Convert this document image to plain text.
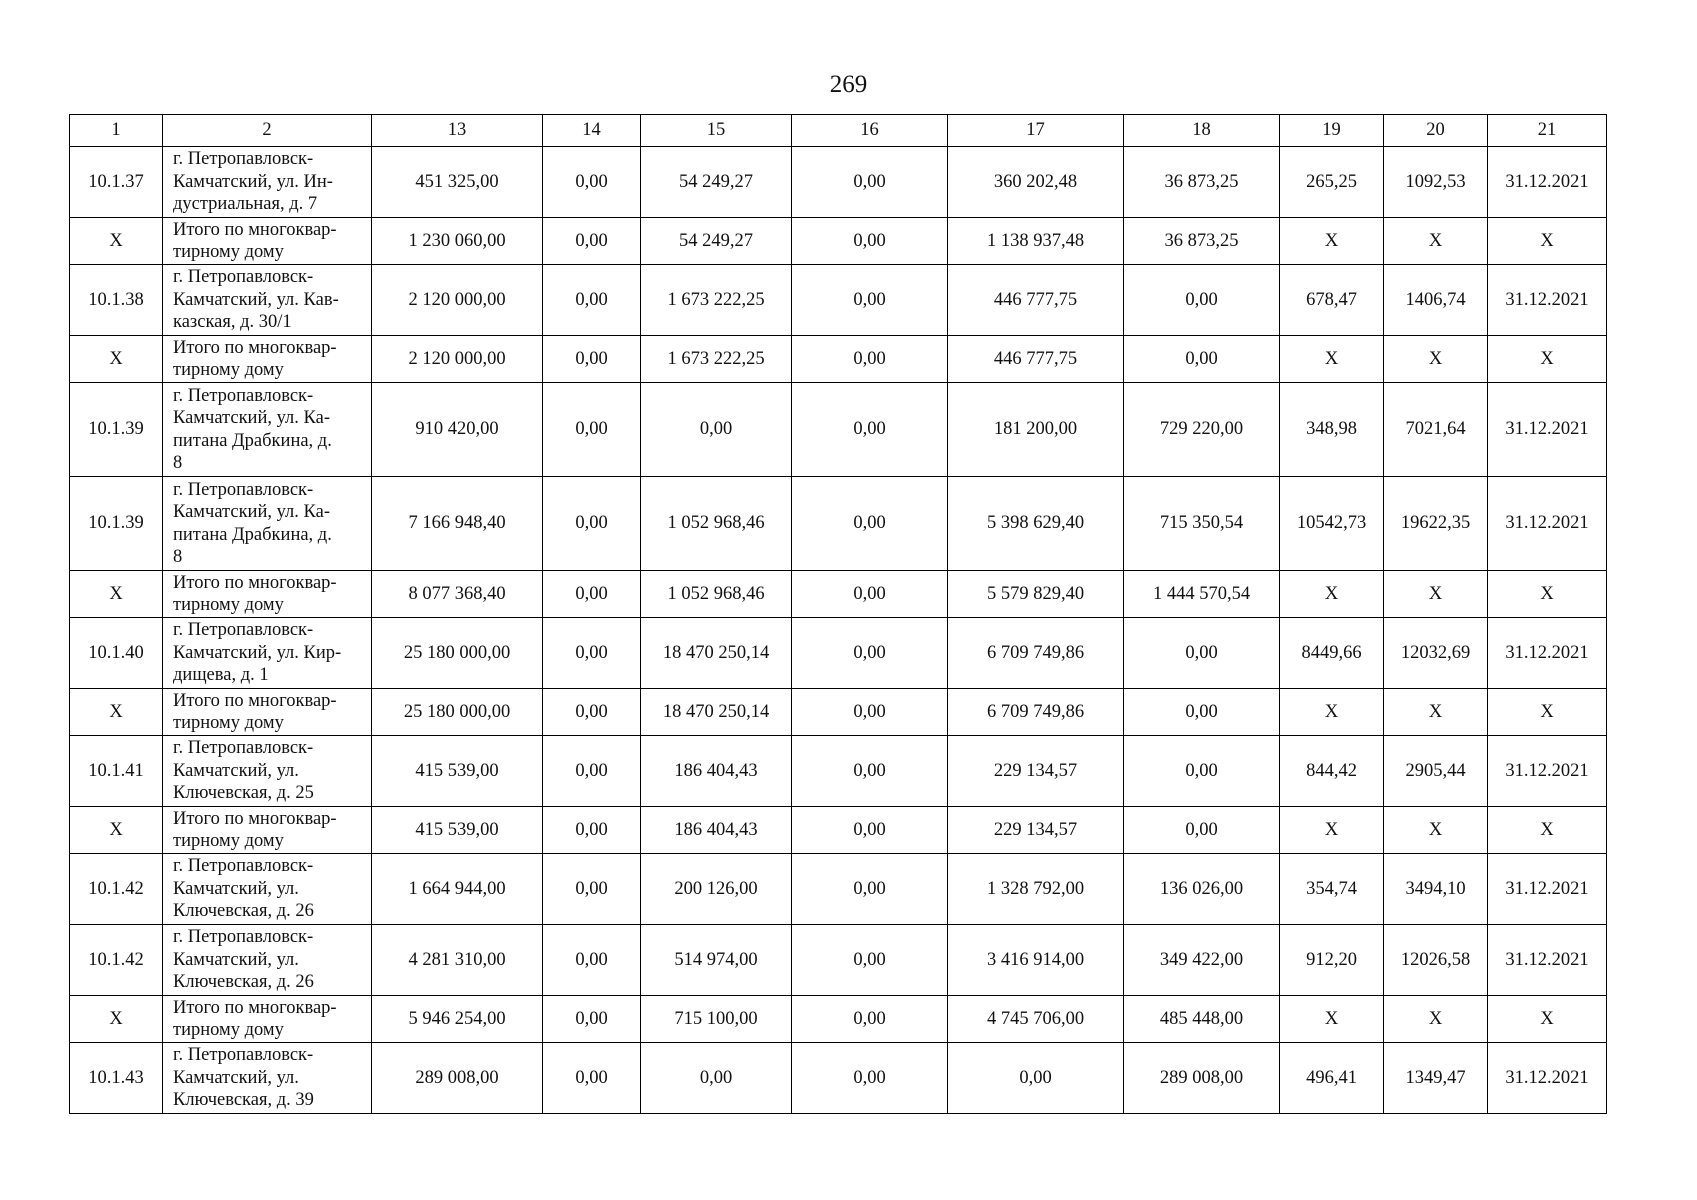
269
1	2	13	14	15	16	17	18	19	20	21
10.1.37	г. Петропавловск-
Камчатский, ул. Ин-
дустриальная, д. 7	451 325,00	0,00	54 249,27	0,00	360 202,48	36 873,25	265,25	1092,53	31.12.2021
X	Итого по многоквар-
тирному дому	1 230 060,00	0,00	54 249,27	0,00	1 138 937,48	36 873,25	X	X	X
10.1.38	г. Петропавловск-
Камчатский, ул. Кав-
казская, д. 30/1	2 120 000,00	0,00	1 673 222,25	0,00	446 777,75	0,00	678,47	1406,74	31.12.2021
X	Итого по многоквар-
тирному дому	2 120 000,00	0,00	1 673 222,25	0,00	446 777,75	0,00	X	X	X
10.1.39	г. Петропавловск-
Камчатский, ул. Ка-
питана Драбкина, д.
8	910 420,00	0,00	0,00	0,00	181 200,00	729 220,00	348,98	7021,64	31.12.2021
10.1.39	г. Петропавловск-
Камчатский, ул. Ка-
питана Драбкина, д.
8	7 166 948,40	0,00	1 052 968,46	0,00	5 398 629,40	715 350,54	10542,73	19622,35	31.12.2021
X	Итого по многоквар-
тирному дому	8 077 368,40	0,00	1 052 968,46	0,00	5 579 829,40	1 444 570,54	X	X	X
10.1.40	г. Петропавловск-
Камчатский, ул. Кир-
дищева, д. 1	25 180 000,00	0,00	18 470 250,14	0,00	6 709 749,86	0,00	8449,66	12032,69	31.12.2021
X	Итого по многоквар-
тирному дому	25 180 000,00	0,00	18 470 250,14	0,00	6 709 749,86	0,00	X	X	X
10.1.41	г. Петропавловск-
Камчатский, ул.
Ключевская, д. 25	415 539,00	0,00	186 404,43	0,00	229 134,57	0,00	844,42	2905,44	31.12.2021
X	Итого по многоквар-
тирному дому	415 539,00	0,00	186 404,43	0,00	229 134,57	0,00	X	X	X
10.1.42	г. Петропавловск-
Камчатский, ул.
Ключевская, д. 26	1 664 944,00	0,00	200 126,00	0,00	1 328 792,00	136 026,00	354,74	3494,10	31.12.2021
10.1.42	г. Петропавловск-
Камчатский, ул.
Ключевская, д. 26	4 281 310,00	0,00	514 974,00	0,00	3 416 914,00	349 422,00	912,20	12026,58	31.12.2021
X	Итого по многоквар-
тирному дому	5 946 254,00	0,00	715 100,00	0,00	4 745 706,00	485 448,00	X	X	X
10.1.43	г. Петропавловск-
Камчатский, ул.
Ключевская, д. 39	289 008,00	0,00	0,00	0,00	0,00	289 008,00	496,41	1349,47	31.12.2021
